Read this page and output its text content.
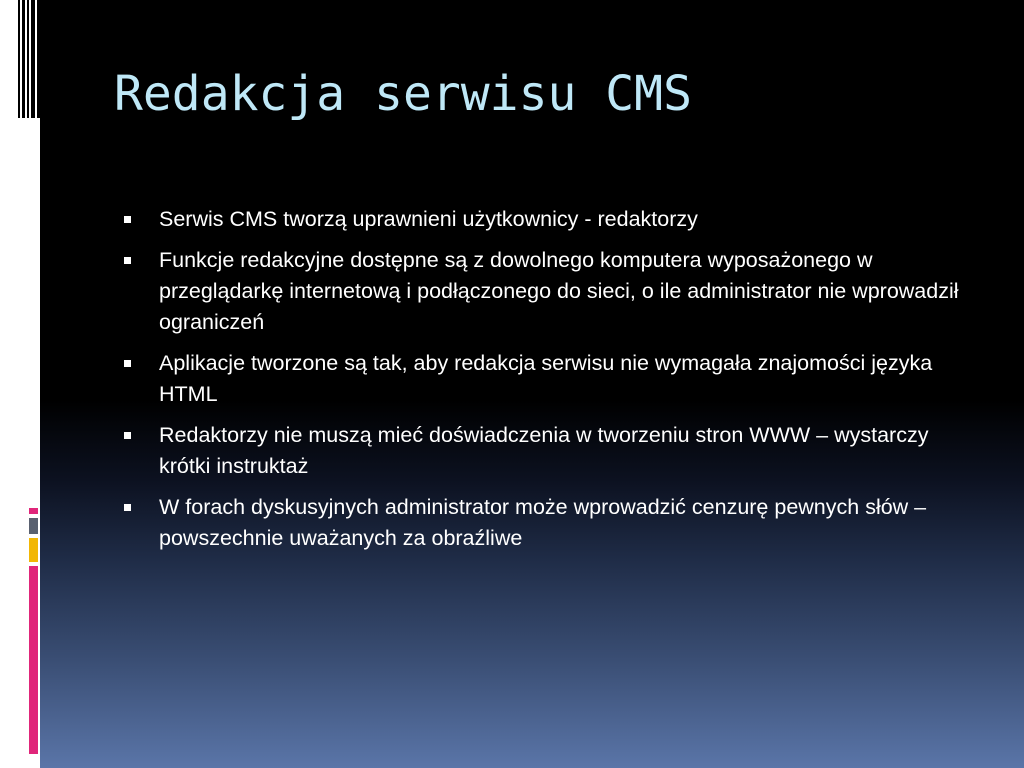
Redakcja serwisu CMS
Serwis CMS tworzą uprawnieni użytkownicy - redaktorzy
Funkcje redakcyjne dostępne są z dowolnego komputera wyposażonego w przeglądarkę internetową i podłączonego do sieci, o ile administrator nie wprowadził ograniczeń
Aplikacje tworzone są tak, aby redakcja serwisu nie wymagała znajomości języka HTML
Redaktorzy nie muszą mieć doświadczenia w tworzeniu stron WWW – wystarczy krótki instruktaż
W forach dyskusyjnych administrator może wprowadzić cenzurę pewnych słów – powszechnie uważanych za obraźliwe
